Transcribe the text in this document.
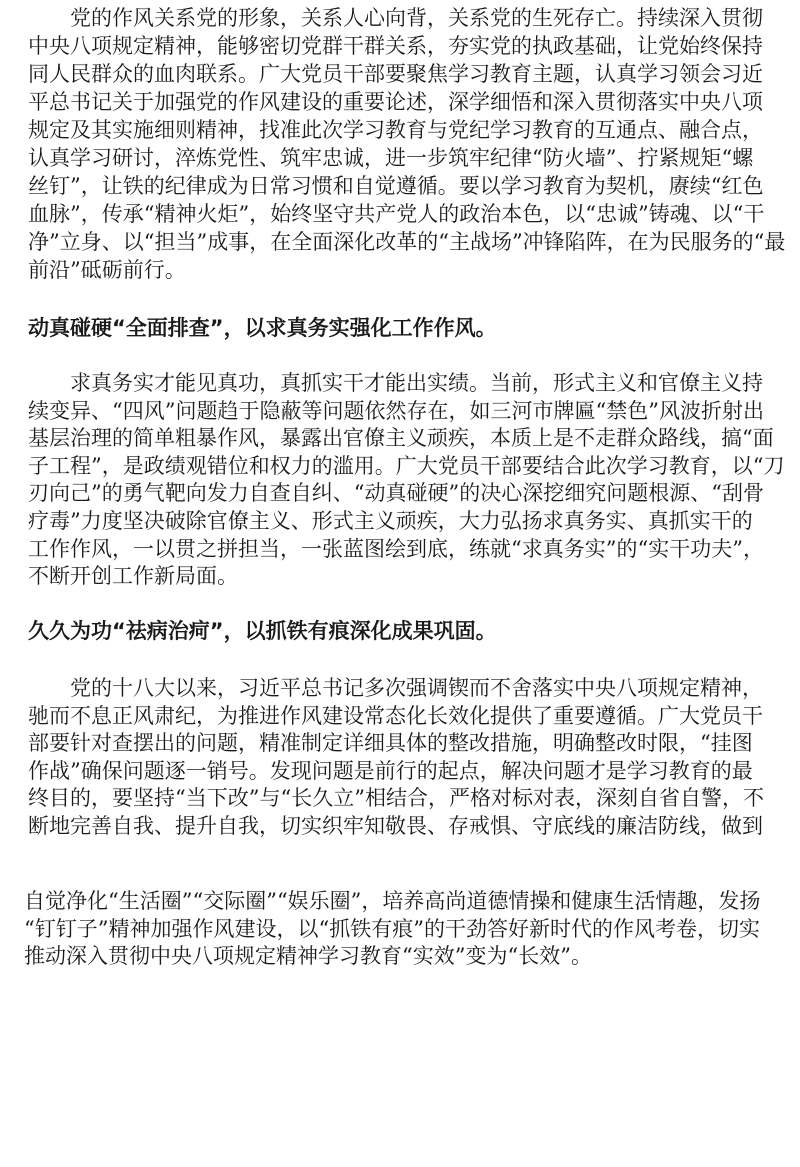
　　党的作风关系党的形象，关系人心向背，关系党的生死存亡。持续深入贯彻
中央八项规定精神，能够密切党群干群关系，夯实党的执政基础，让党始终保持
同人民群众的血肉联系。广大党员干部要聚焦学习教育主题，认真学习领会习近
平总书记关于加强党的作风建设的重要论述，深学细悟和深入贯彻落实中央八项
规定及其实施细则精神，找准此次学习教育与党纪学习教育的互通点、融合点，
认真学习研讨，淬炼党性、筑牢忠诚，进一步筑牢纪律“防火墙”、拧紧规矩“螺
丝钉”，让铁的纪律成为日常习惯和自觉遵循。要以学习教育为契机，赓续“红色
血脉”，传承“精神火炬”，始终坚守共产党人的政治本色，以“忠诚”铸魂、以“干
净”立身、以“担当”成事，在全面深化改革的“主战场”冲锋陷阵，在为民服务的“最
前沿”砥砺前行。
动真碰硬“全面排查”，以求真务实强化工作作风。
　　求真务实才能见真功，真抓实干才能出实绩。当前，形式主义和官僚主义持
续变异、“四风”问题趋于隐蔽等问题依然存在，如三河市牌匾“禁色”风波折射出
基层治理的简单粗暴作风，暴露出官僚主义顽疾，本质上是不走群众路线，搞“面
子工程”，是政绩观错位和权力的滥用。广大党员干部要结合此次学习教育，以“刀
刃向己”的勇气靶向发力自查自纠、“动真碰硬”的决心深挖细究问题根源、“刮骨
疗毒”力度坚决破除官僚主义、形式主义顽疾，大力弘扬求真务实、真抓实干的
工作作风，一以贯之拼担当，一张蓝图绘到底，练就“求真务实”的“实干功夫”，
不断开创工作新局面。
久久为功“祛病治疴”，以抓铁有痕深化成果巩固。
　　党的十八大以来，习近平总书记多次强调锲而不舍落实中央八项规定精神，
驰而不息正风肃纪，为推进作风建设常态化长效化提供了重要遵循。广大党员干
部要针对查摆出的问题，精准制定详细具体的整改措施，明确整改时限，“挂图
作战”确保问题逐一销号。发现问题是前行的起点，解决问题才是学习教育的最
终目的，要坚持“当下改”与“长久立”相结合，严格对标对表，深刻自省自警，不
断地完善自我、提升自我，切实织牢知敬畏、存戒惧、守底线的廉洁防线，做到
自觉净化“生活圈”“交际圈”“娱乐圈”，培养高尚道德情操和健康生活情趣，发扬
“钉钉子”精神加强作风建设，以“抓铁有痕”的干劲答好新时代的作风考卷，切实
推动深入贯彻中央八项规定精神学习教育“实效”变为“长效”。
